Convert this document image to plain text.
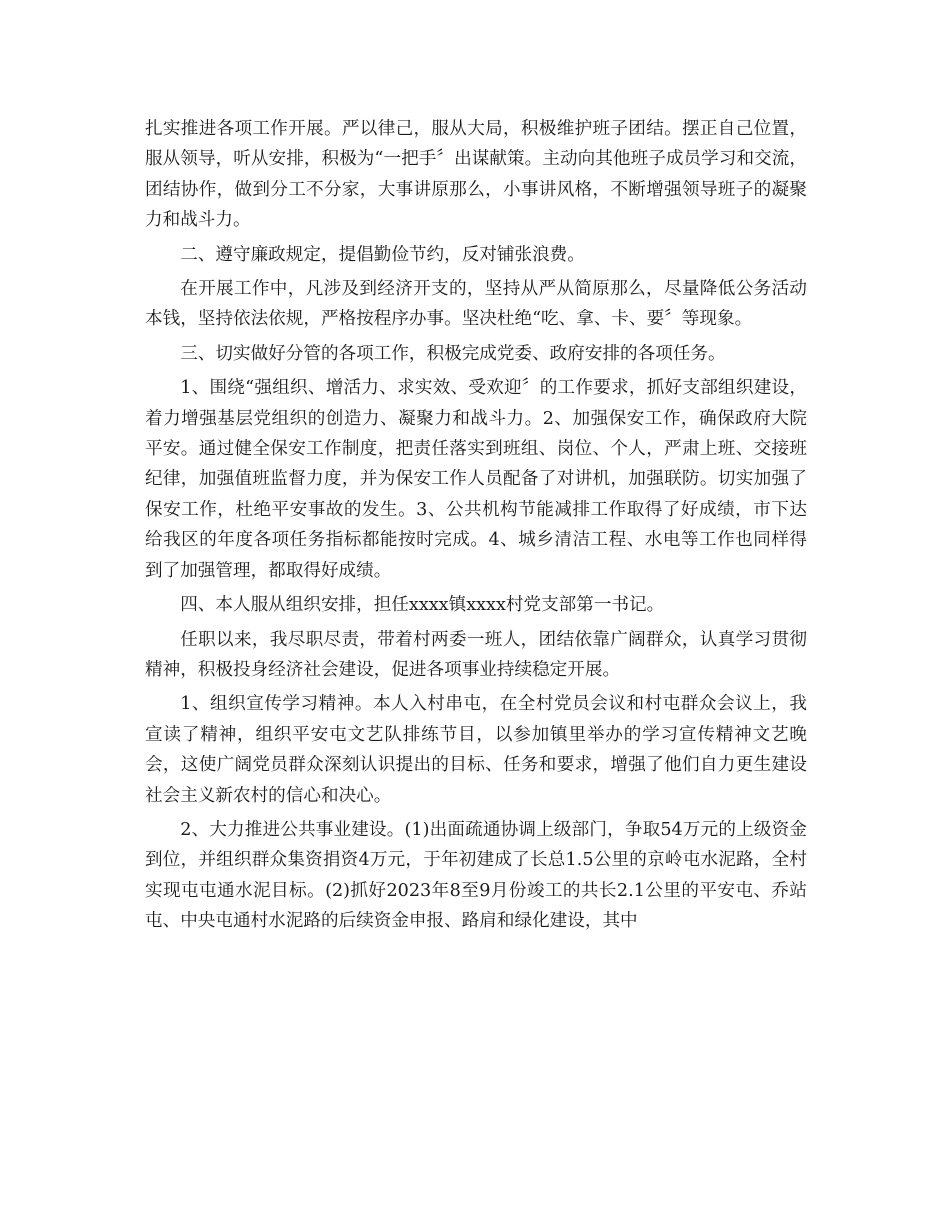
扎实推进各项工作开展。严以律己，服从大局，积极维护班子团结。摆正自己位置，服从领导，听从安排，积极为“一把手〞出谋献策。主动向其他班子成员学习和交流，团结协作，做到分工不分家，大事讲原那么，小事讲风格，不断增强领导班子的凝聚力和战斗力。

二、遵守廉政规定，提倡勤俭节约，反对铺张浪费。

在开展工作中，凡涉及到经济开支的，坚持从严从简原那么，尽量降低公务活动本钱，坚持依法依规，严格按程序办事。坚决杜绝“吃、拿、卡、要〞等现象。

三、切实做好分管的各项工作，积极完成党委、政府安排的各项任务。

1、围绕“强组织、增活力、求实效、受欢迎〞的工作要求，抓好支部组织建设，着力增强基层党组织的创造力、凝聚力和战斗力。2、加强保安工作，确保政府大院平安。通过健全保安工作制度，把责任落实到班组、岗位、个人，严肃上班、交接班纪律，加强值班监督力度，并为保安工作人员配备了对讲机，加强联防。切实加强了保安工作，杜绝平安事故的发生。3、公共机构节能减排工作取得了好成绩，市下达给我区的年度各项任务指标都能按时完成。4、城乡清洁工程、水电等工作也同样得到了加强管理，都取得好成绩。

四、本人服从组织安排，担任xxxx镇xxxx村党支部第一书记。

任职以来，我尽职尽责，带着村两委一班人，团结依靠广阔群众，认真学习贯彻精神，积极投身经济社会建设，促进各项事业持续稳定开展。

1、组织宣传学习精神。本人入村串屯，在全村党员会议和村屯群众会议上，我宣读了精神，组织平安屯文艺队排练节目，以参加镇里举办的学习宣传精神文艺晚会，这使广阔党员群众深刻认识提出的目标、任务和要求，增强了他们自力更生建设社会主义新农村的信心和决心。

2、大力推进公共事业建设。(1)出面疏通协调上级部门，争取54万元的上级资金到位，并组织群众集资捐资4万元，于年初建成了长总1.5公里的京岭屯水泥路，全村实现屯屯通水泥目标。(2)抓好2023年8至9月份竣工的共长2.1公里的平安屯、乔站屯、中央屯通村水泥路的后续资金申报、路肩和绿化建设，其中
